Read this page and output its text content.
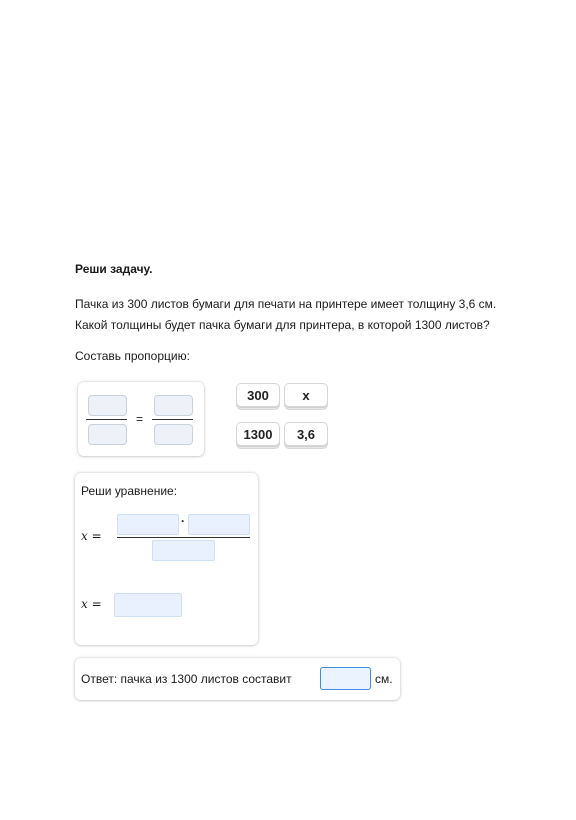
Реши задачу.
Пачка из 300 листов бумаги для печати на принтере имеет толщину 3,6 см.
Какой толщины будет пачка бумаги для принтера, в которой 1300 листов?
Составь пропорцию:
=
300	x
1300	3,6
Реши уравнение:
x =
·
x =
Ответ: пачка из 1300 листов составит	см.
